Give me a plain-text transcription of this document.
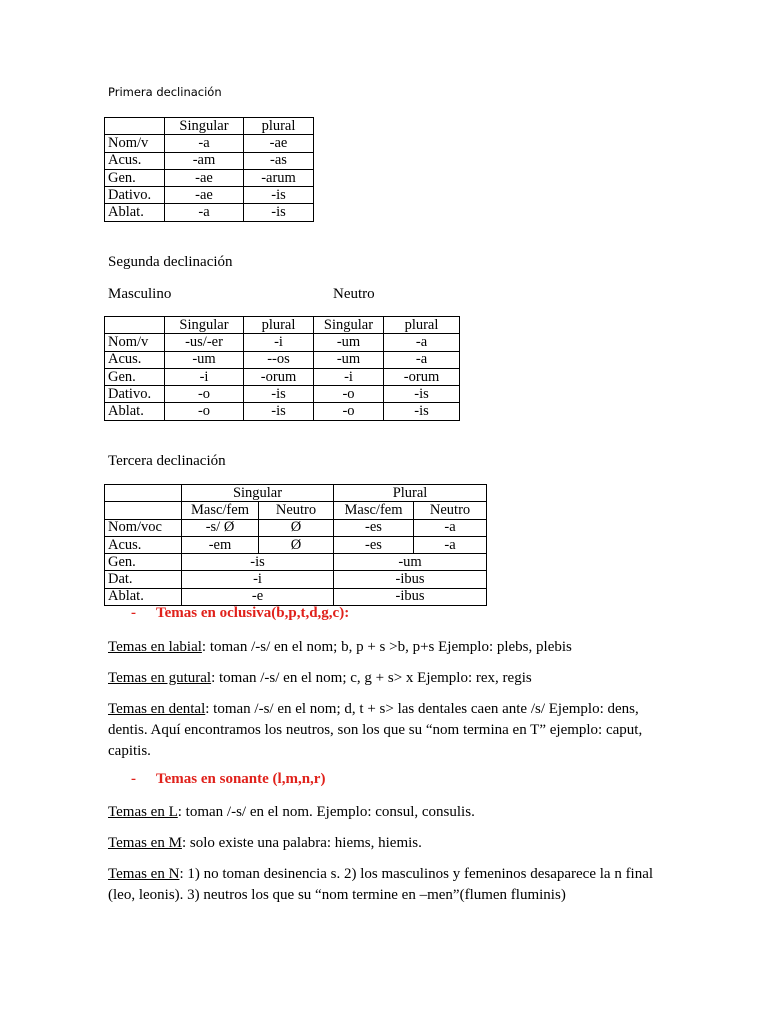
Primera declinación
	Singular	plural
Nom/v	-a	-ae
Acus.	-am	-as
Gen.	-ae	-arum
Dativo.	-ae	-is
Ablat.	-a	-is
Segunda declinación
Masculino	Neutro
	Singular	plural	Singular	plural
Nom/v	-us/-er	-i	-um	-a
Acus.	-um	--os	-um	-a
Gen.	-i	-orum	-i	-orum
Dativo.	-o	-is	-o	-is
Ablat.	-o	-is	-o	-is
Tercera declinación
	Singular		Plural	
	Masc/fem	Neutro	Masc/fem	Neutro
Nom/voc	-s/ Ø	Ø	-es	-a
Acus.	-em	Ø	-es	-a
Gen.	-is		-um	
Dat.	-i		-ibus	
Ablat.	-e		-ibus	
- Temas en oclusiva(b,p,t,d,g,c):
Temas en labial: toman /-s/ en el nom; b, p + s >b, p+s Ejemplo: plebs, plebis
Temas en gutural: toman /-s/ en el nom; c, g + s> x Ejemplo: rex, regis
Temas en dental: toman /-s/ en el nom; d, t + s> las dentales caen ante /s/ Ejemplo: dens, dentis. Aquí encontramos los neutros, son los que su “nom termina en T” ejemplo: caput, capitis.
- Temas en sonante (l,m,n,r)
Temas en L: toman /-s/ en el nom. Ejemplo: consul, consulis.
Temas en M: solo existe una palabra: hiems, hiemis.
Temas en N: 1) no toman desinencia s. 2) los masculinos y femeninos desaparece la n final (leo, leonis). 3) neutros los que su “nom termine en –men”(flumen fluminis)
